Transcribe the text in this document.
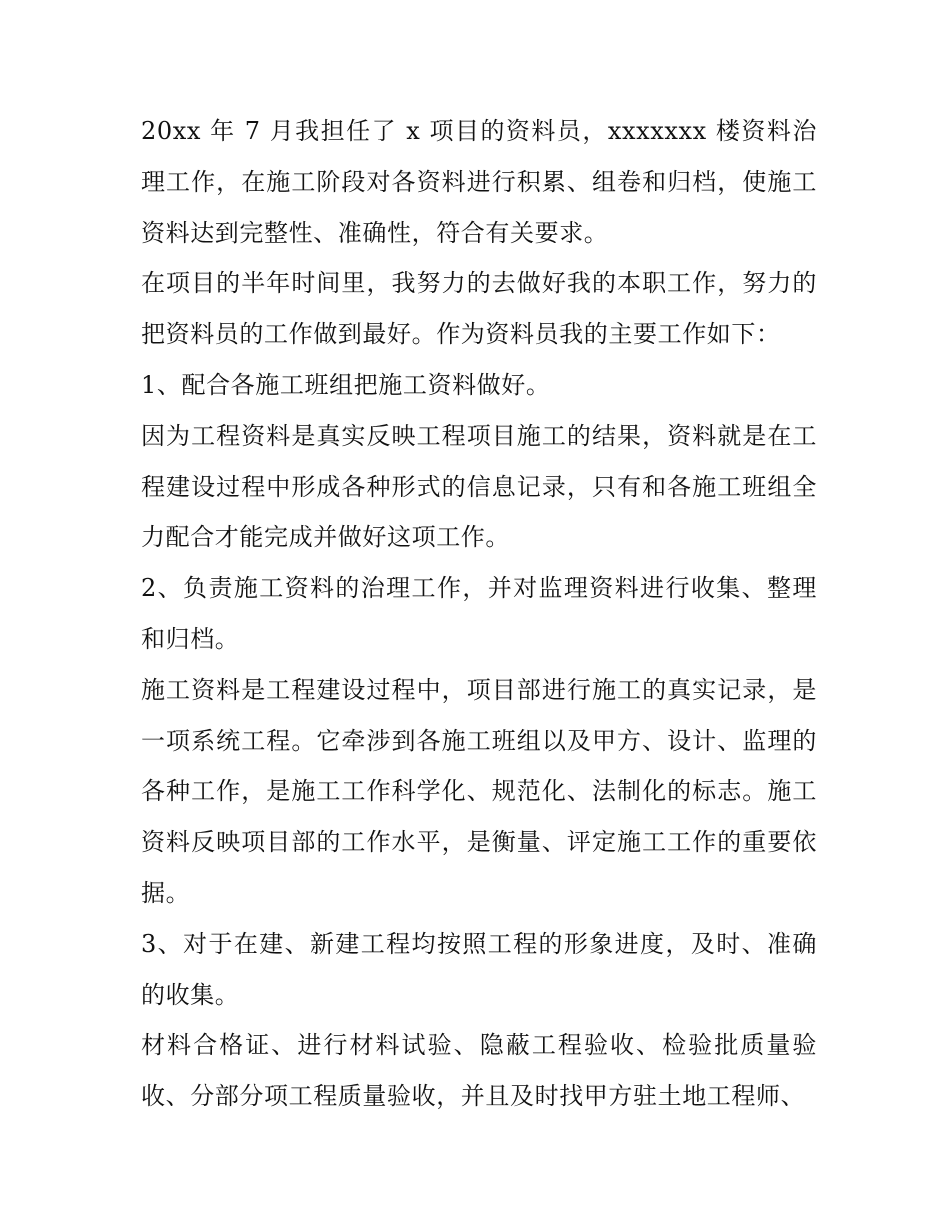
20xx 年 7 月我担任了 x 项目的资料员，xxxxxxx 楼资料治理工作，在施工阶段对各资料进行积累、组卷和归档，使施工资料达到完整性、准确性，符合有关要求。

在项目的半年时间里，我努力的去做好我的本职工作，努力的把资料员的工作做到最好。作为资料员我的主要工作如下：

1、配合各施工班组把施工资料做好。

因为工程资料是真实反映工程项目施工的结果，资料就是在工程建设过程中形成各种形式的信息记录，只有和各施工班组全力配合才能完成并做好这项工作。

2、负责施工资料的治理工作，并对监理资料进行收集、整理和归档。

施工资料是工程建设过程中，项目部进行施工的真实记录，是一项系统工程。它牵涉到各施工班组以及甲方、设计、监理的各种工作，是施工工作科学化、规范化、法制化的标志。施工资料反映项目部的工作水平，是衡量、评定施工工作的重要依据。

3、对于在建、新建工程均按照工程的形象进度，及时、准确的收集。

材料合格证、进行材料试验、隐蔽工程验收、检验批质量验收、分部分项工程质量验收，并且及时找甲方驻土地工程师、
